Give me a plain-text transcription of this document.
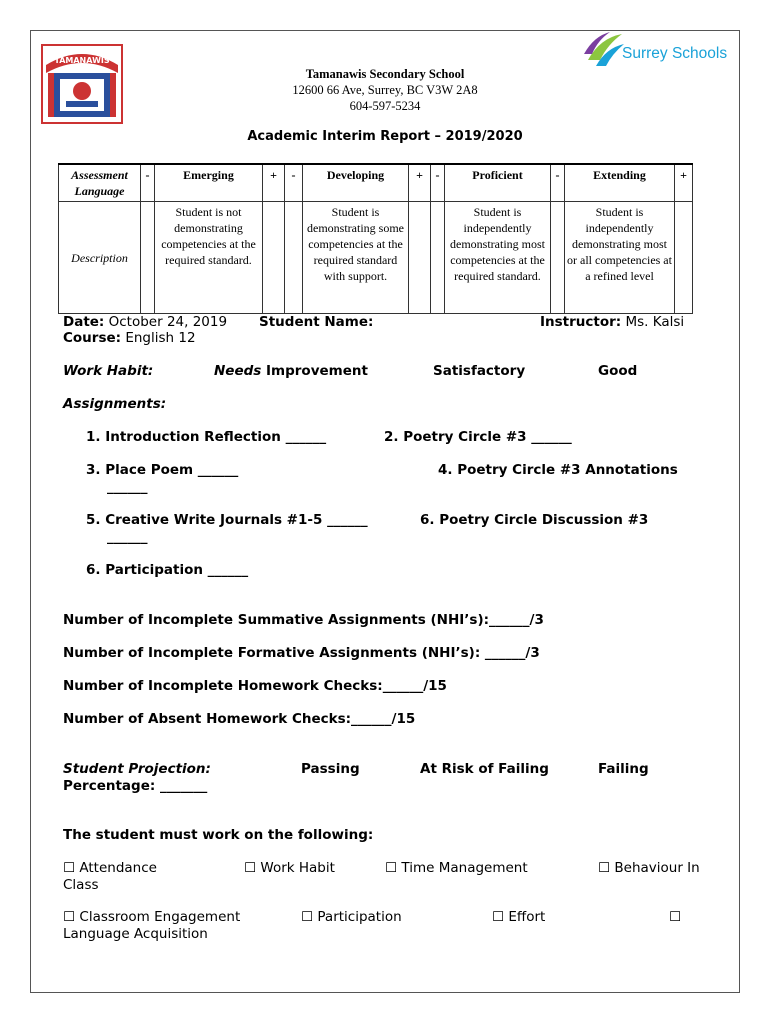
TAMANAWIS	Surrey Schools
Tamanawis Secondary School
12600 66 Ave, Surrey, BC V3W 2A8
604-597-5234
Academic Interim Report – 2019/2020
Assessment Language	-	Emerging	+	-	Developing	+	-	Proficient	-	Extending	+
Description		Student is not demonstrating competencies at the required standard.			Student is demonstrating some competencies at the required standard with support.			Student is independently demonstrating most competencies at the required standard.		Student is independently demonstrating most or all competencies at a refined level	
Date: October 24, 2019 Student Name:	Instructor: Ms. Kalsi
Course: English 12
Work Habit:	Needs Improvement	Satisfactory	Good
Assignments:
1. Introduction Reflection ______	2. Poetry Circle #3 ______
3. Place Poem ______
______
4. Poetry Circle #3 Annotations
5. Creative Write Journals #1-5 ______
______
6. Poetry Circle Discussion #3
6. Participation ______
Number of Incomplete Summative Assignments (NHI’s):______/3
Number of Incomplete Formative Assignments (NHI’s): ______/3
Number of Incomplete Homework Checks:______/15
Number of Absent Homework Checks:______/15
Student Projection:	Passing	At Risk of Failing	Failing
Percentage: _______
The student must work on the following:
☐ Attendance	☐ Work Habit	☐ Time Management	☐ Behaviour In
Class
☐ Classroom Engagement	☐ Participation	☐ Effort	☐
Language Acquisition
